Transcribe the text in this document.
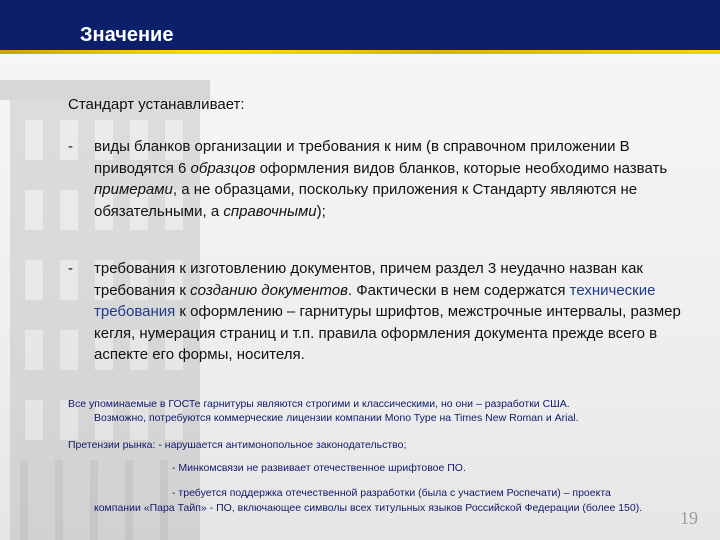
Значение
Стандарт устанавливает:
- виды бланков организации и требования к ним (в справочном приложении В приводятся 6 образцов оформления видов бланков, которые необходимо назвать примерами, а не образцами, поскольку приложения к Стандарту являются не обязательными, а справочными);
- требования к изготовлению документов, причем раздел 3 неудачно назван как требования к созданию документов. Фактически в нем содержатся технические требования к оформлению – гарнитуры шрифтов, межстрочные интервалы, размер кегля, нумерация страниц и т.п. правила оформления документа прежде всего в аспекте его формы, носителя.
Все упоминаемые в ГОСТе гарнитуры являются строгими и классическими, но они – разработки США.
Возможно, потребуются коммерческие лицензии компании Mono Type на Times New Roman и Arial.
Претензии рынка: - нарушается антимонопольное законодательство;
- Минкомсвязи не развивает отечественное шрифтовое ПО.
- требуется поддержка отечественной разработки (была с участием Роспечати) – проекта компании «Пара Тайп» - ПО, включающее символы всех титульных языков Российской Федерации (более 150).	19
